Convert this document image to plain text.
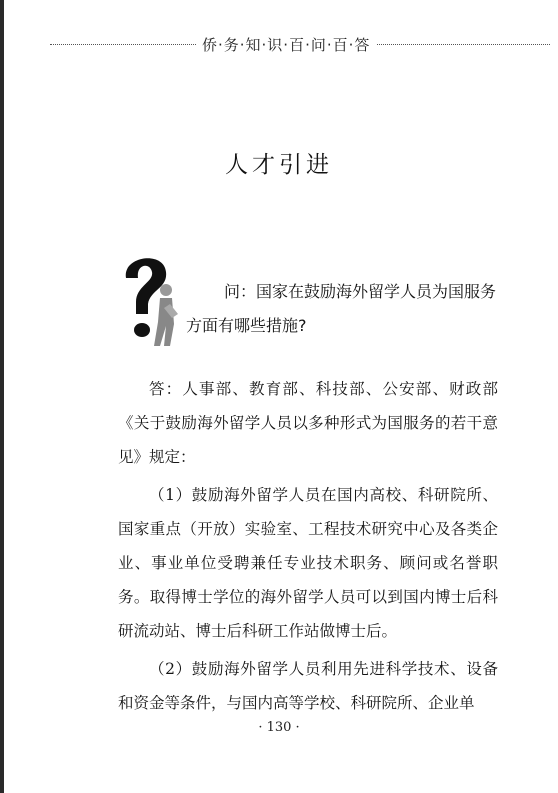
侨·务·知·识·百·问·百·答
人才引进
问：国家在鼓励海外留学人员为国服务
方面有哪些措施?

答：人事部、教育部、科技部、公安部、财政部《关于鼓励海外留学人员以多种形式为国服务的若干意见》规定：

（1）鼓励海外留学人员在国内高校、科研院所、国家重点（开放）实验室、工程技术研究中心及各类企业、事业单位受聘兼任专业技术职务、顾问或名誉职务。取得博士学位的海外留学人员可以到国内博士后科研流动站、博士后科研工作站做博士后。

（2）鼓励海外留学人员利用先进科学技术、设备和资金等条件，与国内高等学校、科研院所、企业单

· 130 ·
